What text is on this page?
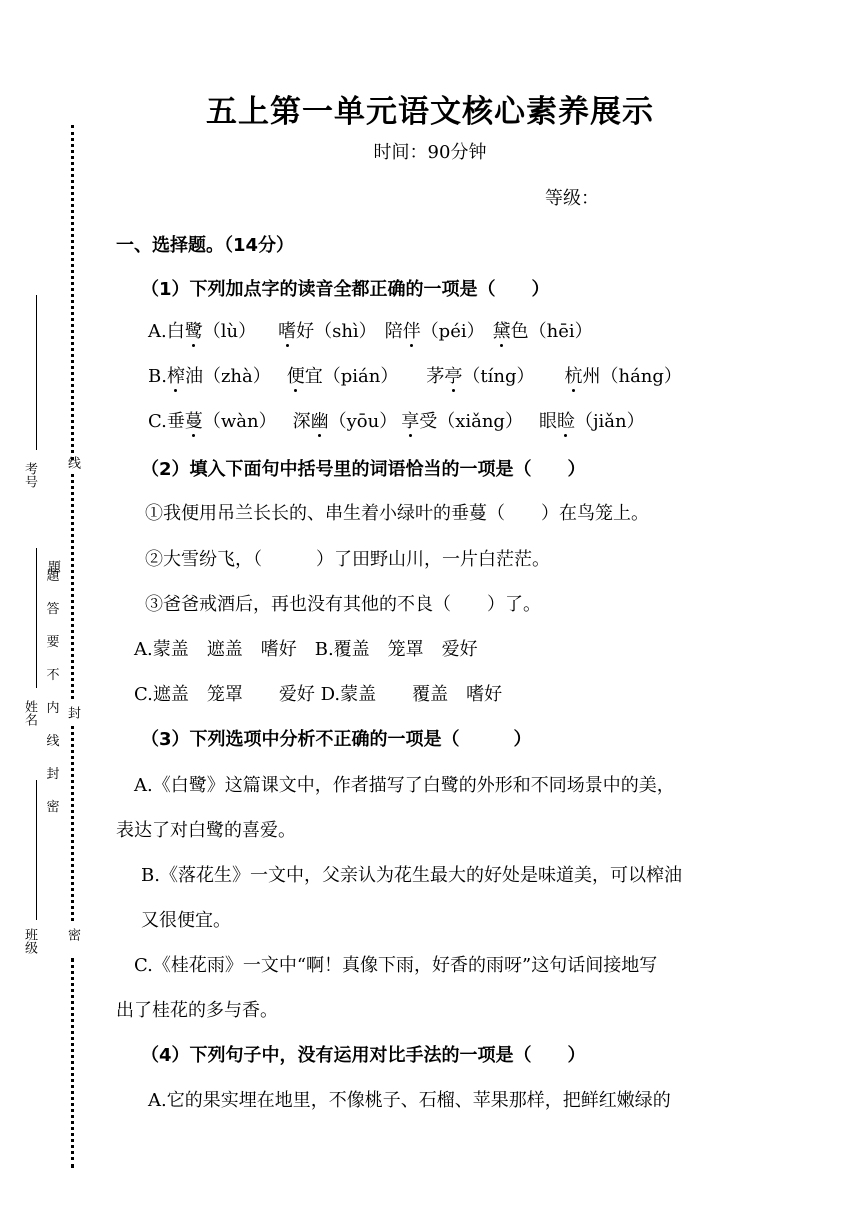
线
封
密
考号
姓名
班级
題
題
答
要
不
内
线
封
密
五上第一单元语文核心素养展示
时间：90分钟
等级：
一、选择题。（14分）
（1）下列加点字的读音全都正确的一项是（　　）
A.白鹭（lù） 嗜好（shì） 陪伴（péi） 黛色（hēi）
B.榨油（zhà） 便宜（pián） 茅亭（tíng） 杭州（háng）
C.垂蔓（wàn） 深幽（yōu） 享受（xiǎng） 眼睑（jiǎn）
（2）填入下面句中括号里的词语恰当的一项是（　　）
①我便用吊兰长长的、串生着小绿叶的垂蔓（　　）在鸟笼上。
②大雪纷飞，（　　　）了田野山川，一片白茫茫。
③爸爸戒酒后，再也没有其他的不良（　　）了。
A.蒙盖　遮盖　嗜好　B.覆盖　笼罩　爱好
C.遮盖　笼罩　　爱好 D.蒙盖　　覆盖　嗜好
（3）下列选项中分析不正确的一项是（　　　）
A.《白鹭》这篇课文中，作者描写了白鹭的外形和不同场景中的美，
表达了对白鹭的喜爱。
B.《落花生》一文中，父亲认为花生最大的好处是味道美，可以榨油
又很便宜。
C.《桂花雨》一文中“啊！真像下雨，好香的雨呀”这句话间接地写
出了桂花的多与香。
（4）下列句子中，没有运用对比手法的一项是（　　）
A.它的果实埋在地里，不像桃子、石榴、苹果那样，把鲜红嫩绿的
